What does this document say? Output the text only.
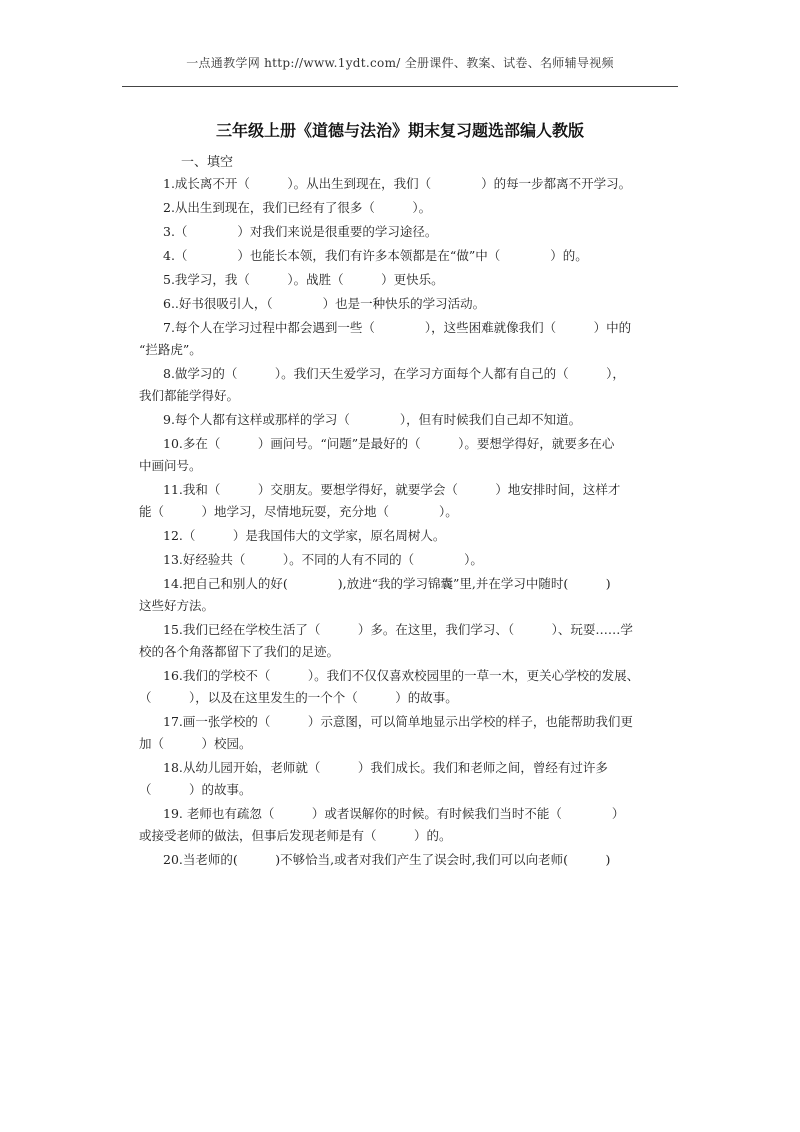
一点通教学网 http://www.1ydt.com/ 全册课件、教案、试卷、名师辅导视频
三年级上册《道德与法治》期末复习题选部编人教版
一、填空
1.成长离不开（　　　）。从出生到现在，我们（　　　　）的每一步都离不开学习。
2.从出生到现在，我们已经有了很多（　　　）。
3.（　　　　）对我们来说是很重要的学习途径。
4.（　　　　）也能长本领，我们有许多本领都是在“做”中（　　　　）的。
5.我学习，我（　　　）。战胜（　　　）更快乐。
6..好书很吸引人，（　　　　）也是一种快乐的学习活动。
7.每个人在学习过程中都会遇到一些（　　　　），这些困难就像我们（　　　）中的
“拦路虎”。
8.做学习的（　　　）。我们天生爱学习，在学习方面每个人都有自己的（　　　），
我们都能学得好。
9.每个人都有这样或那样的学习（　　　　），但有时候我们自己却不知道。
10.多在（　　　）画问号。“问题”是最好的（　　　）。要想学得好，就要多在心
中画问号。
11.我和（　　　）交朋友。要想学得好，就要学会（　　　）地安排时间，这样才
能（　　　）地学习，尽情地玩耍，充分地（　　　　）。
12.（　　　）是我国伟大的文学家，原名周树人。
13.好经验共（　　　）。不同的人有不同的（　　　　）。
14.把自己和别人的好(　　　　),放进“我的学习锦囊”里,并在学习中随时(　　　)
这些好方法。
15.我们已经在学校生活了（　　　）多。在这里，我们学习、（　　　）、玩耍……学
校的各个角落都留下了我们的足迹。
16.我们的学校不（　　　）。我们不仅仅喜欢校园里的一草一木，更关心学校的发展、
（　　　），以及在这里发生的一个个（　　　）的故事。
17.画一张学校的（　　　）示意图，可以简单地显示出学校的样子，也能帮助我们更
加（　　　）校园。
18.从幼儿园开始，老师就（　　　）我们成长。我们和老师之间，曾经有过许多
（　　　）的故事。
19. 老师也有疏忽（　　　）或者误解你的时候。有时候我们当时不能（　　　　）
或接受老师的做法，但事后发现老师是有（　　　）的。
20.当老师的(　　　)不够恰当,或者对我们产生了误会时,我们可以向老师(　　　)
